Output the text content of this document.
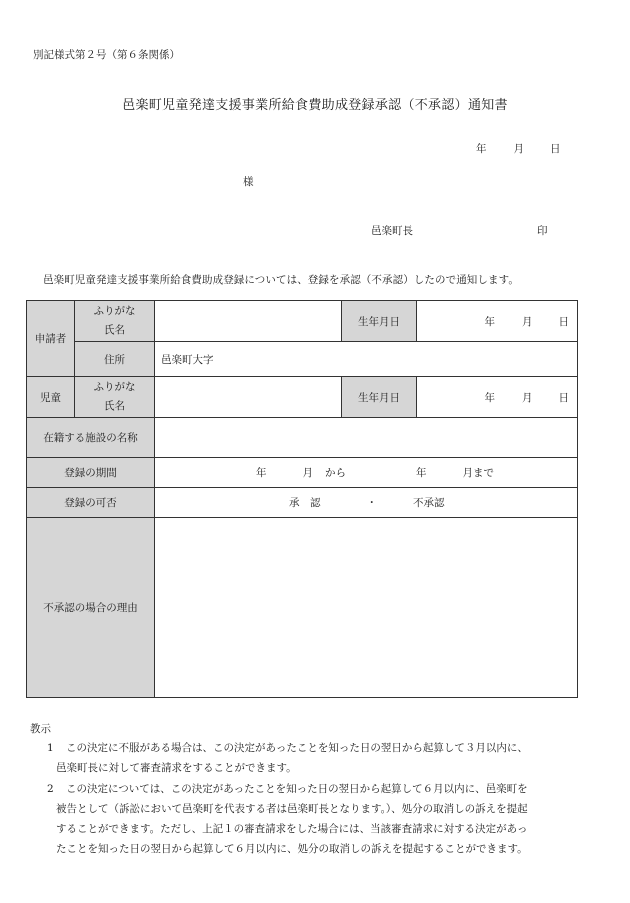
別記様式第２号（第６条関係）
邑楽町児童発達支援事業所給食費助成登録承認（不承認）通知書
年	月 日
様
邑楽町長	印
邑楽町児童発達支援事業所給食費助成登録については、登録を承認（不承認）したので通知します。
申請者	ふりがな
氏名		生年月日	年 月 日

	住所	邑楽町大字		
児童	ふりがな
氏名		生年月日	年 月 日

在籍する施設の名称				
登録の期間		年 月 から 年 月まで		

登録の可否		承　認 ・ 不承認		

不承認の場合の理由				
教示
1 この決定に不服がある場合は、この決定があったことを知った日の翌日から起算して３月以内に、
邑楽町長に対して審査請求をすることができます。
2 この決定については、この決定があったことを知った日の翌日から起算して６月以内に、邑楽町を
被告として（訴訟において邑楽町を代表する者は邑楽町長となります。）、処分の取消しの訴えを提起
することができます。ただし、上記１の審査請求をした場合には、当該審査請求に対する決定があっ
たことを知った日の翌日から起算して６月以内に、処分の取消しの訴えを提起することができます。
